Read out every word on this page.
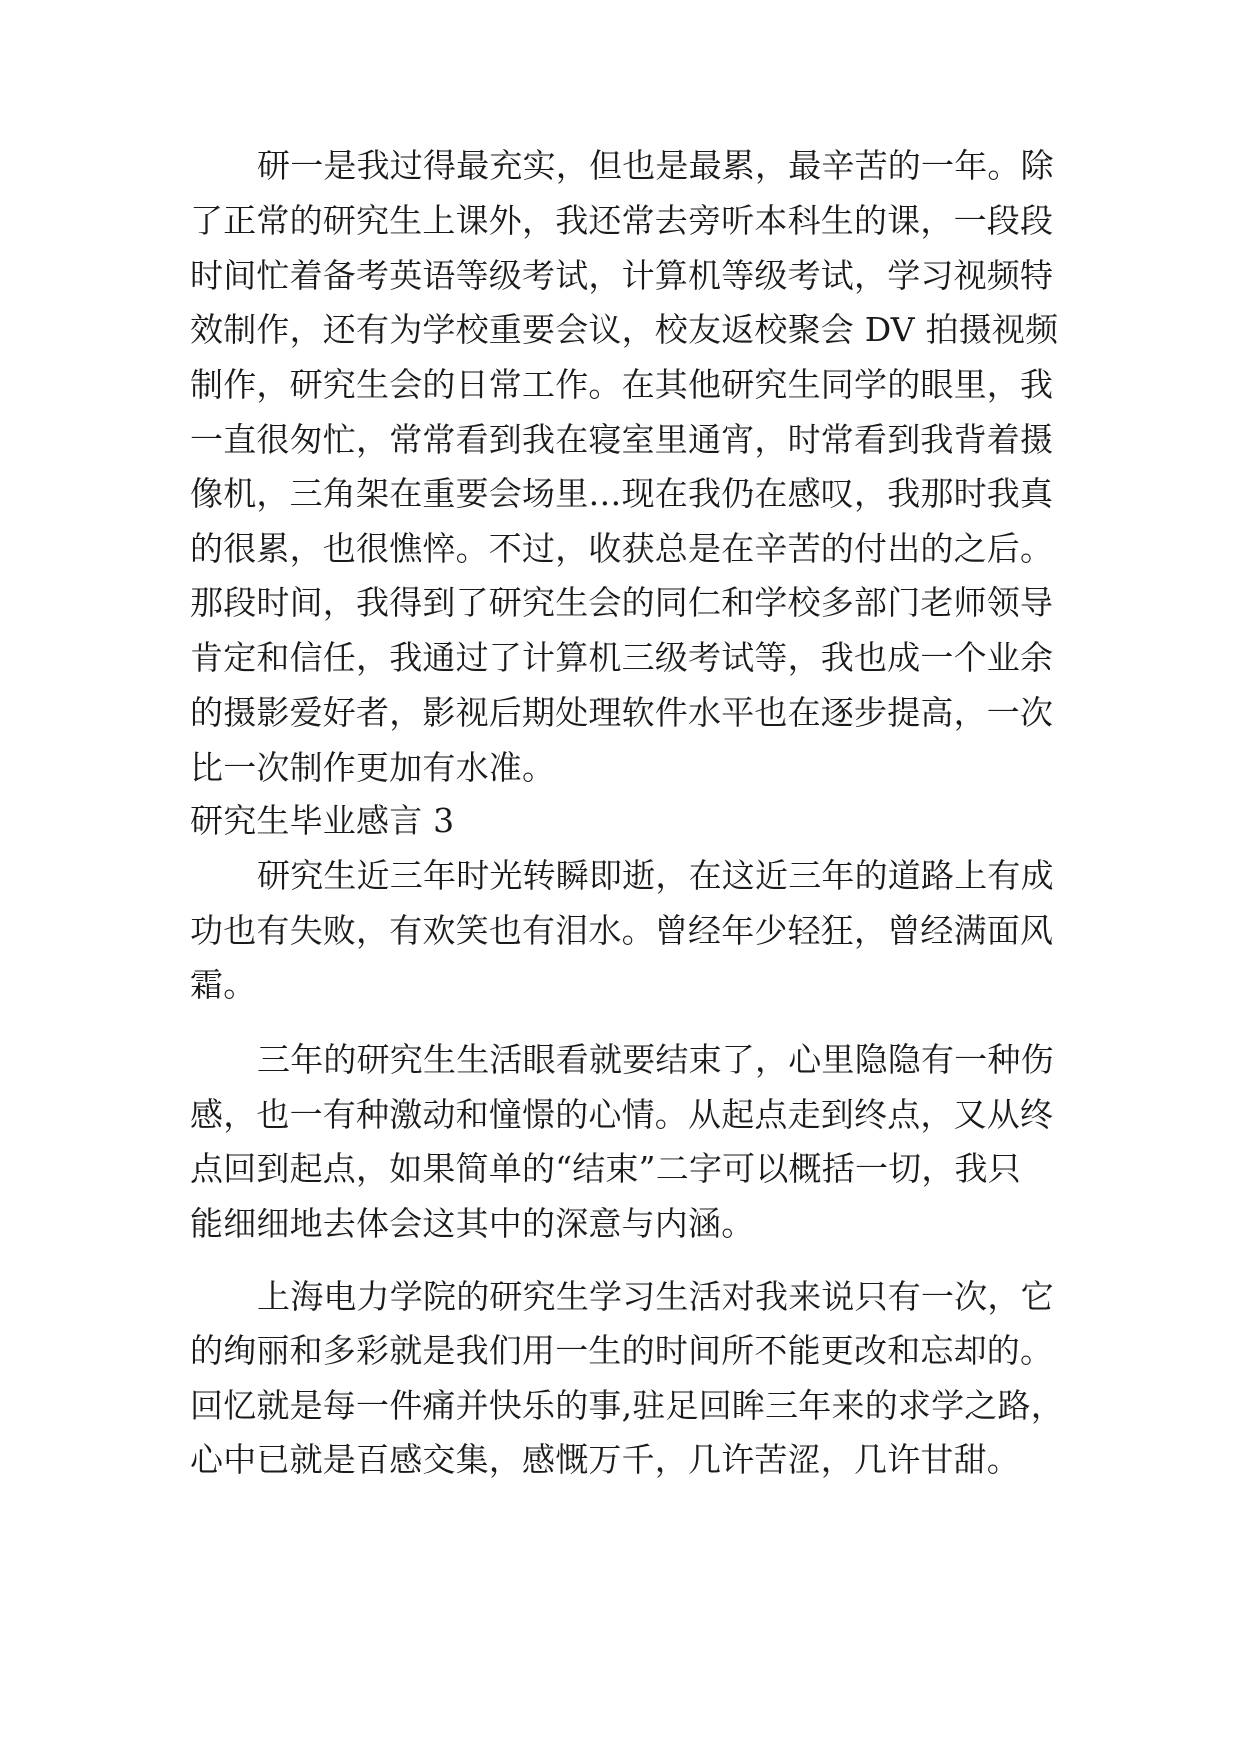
研一是我过得最充实，但也是最累，最辛苦的一年。除
了正常的研究生上课外，我还常去旁听本科生的课，一段段
时间忙着备考英语等级考试，计算机等级考试，学习视频特
效制作，还有为学校重要会议，校友返校聚会 DV 拍摄视频
制作，研究生会的日常工作。在其他研究生同学的眼里，我
一直很匆忙，常常看到我在寝室里通宵，时常看到我背着摄
像机，三角架在重要会场里…现在我仍在感叹，我那时我真
的很累，也很憔悴。不过，收获总是在辛苦的付出的之后。
那段时间，我得到了研究生会的同仁和学校多部门老师领导
肯定和信任，我通过了计算机三级考试等，我也成一个业余
的摄影爱好者，影视后期处理软件水平也在逐步提高，一次
比一次制作更加有水准。
研究生毕业感言 3
研究生近三年时光转瞬即逝，在这近三年的道路上有成
功也有失败，有欢笑也有泪水。曾经年少轻狂，曾经满面风
霜。
三年的研究生生活眼看就要结束了，心里隐隐有一种伤
感，也一有种激动和憧憬的心情。从起点走到终点，又从终
点回到起点，如果简单的“结束”二字可以概括一切，我只
能细细地去体会这其中的深意与内涵。
上海电力学院的研究生学习生活对我来说只有一次，它
的绚丽和多彩就是我们用一生的时间所不能更改和忘却的。
回忆就是每一件痛并快乐的事,驻足回眸三年来的求学之路，
心中已就是百感交集，感慨万千，几许苦涩，几许甘甜。
